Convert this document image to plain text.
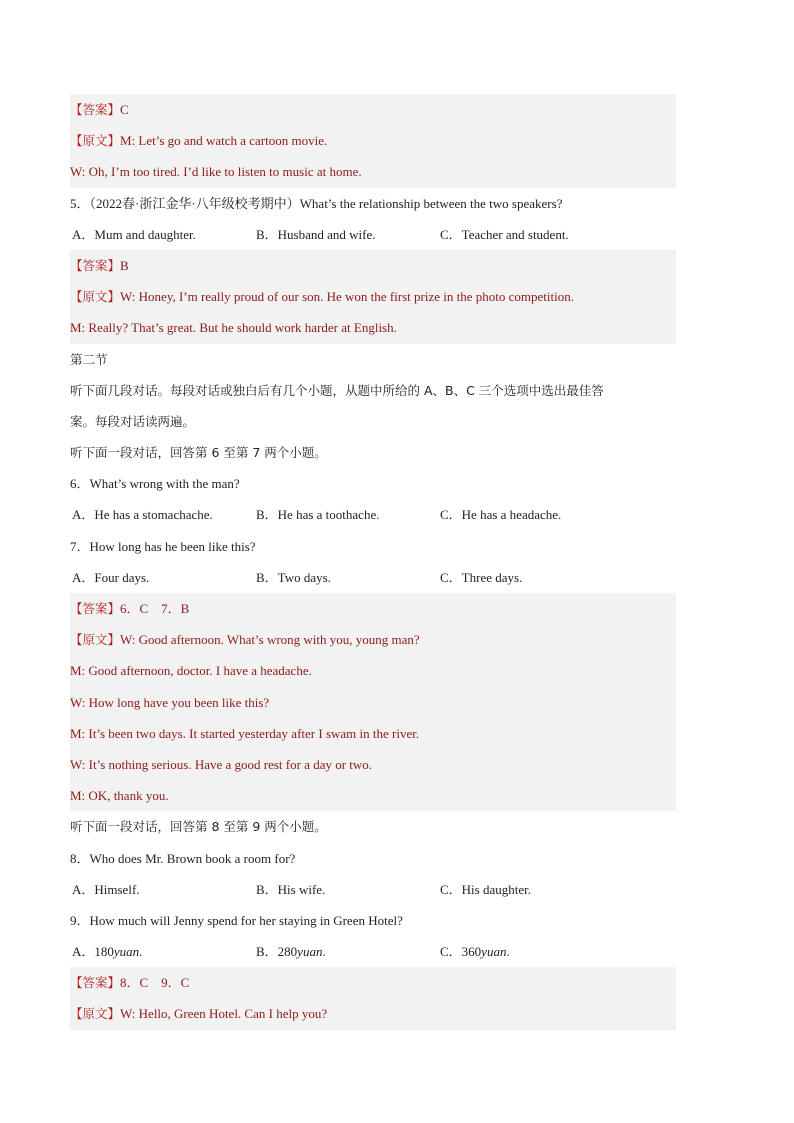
【答案】C
【原文】M: Let’s go and watch a cartoon movie.
W: Oh, I’m too tired. I’d like to listen to music at home.
5．（2022春·浙江金华·八年级校考期中）What’s the relationship between the two speakers?
A．Mum and daughter.	B．Husband and wife.	C．Teacher and student.
【答案】B
【原文】W: Honey, I’m really proud of our son. He won the first prize in the photo competition.
M: Really? That’s great. But he should work harder at English.
第二节
听下面几段对话。每段对话或独白后有几个小题，从题中所给的 A、B、C 三个选项中选出最佳答
案。每段对话读两遍。
听下面一段对话，回答第 6 至第 7 两个小题。
6．What’s wrong with the man?
A．He has a stomachache.	B．He has a toothache.	C．He has a headache.
7．How long has he been like this?
A．Four days.	B．Two days.	C．Three days.
【答案】6．C    7．B
【原文】W: Good afternoon. What’s wrong with you, young man?
M: Good afternoon, doctor. I have a headache.
W: How long have you been like this?
M: It’s been two days. It started yesterday after I swam in the river.
W: It’s nothing serious. Have a good rest for a day or two.
M: OK, thank you.
听下面一段对话，回答第 8 至第 9 两个小题。
8．Who does Mr. Brown book a room for?
A．Himself.	B．His wife.	C．His daughter.
9．How much will Jenny spend for her staying in Green Hotel?
A．180yuan.	B．280yuan.	C．360yuan.
【答案】8．C    9．C
【原文】W: Hello, Green Hotel. Can I help you?
